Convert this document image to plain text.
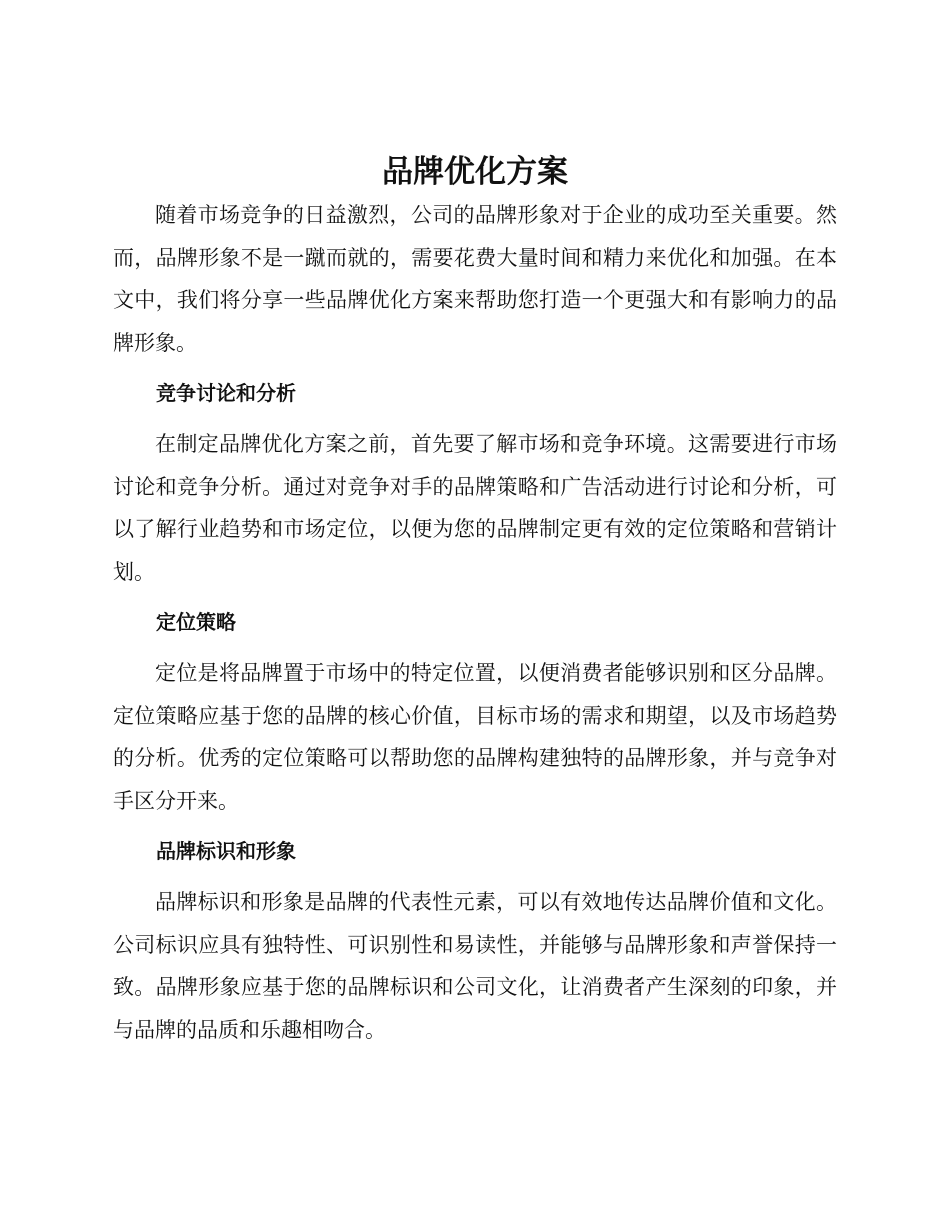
品牌优化方案

随着市场竞争的日益激烈，公司的品牌形象对于企业的成功至关重要。然而，品牌形象不是一蹴而就的，需要花费大量时间和精力来优化和加强。在本文中，我们将分享一些品牌优化方案来帮助您打造一个更强大和有影响力的品牌形象。

竞争讨论和分析

在制定品牌优化方案之前，首先要了解市场和竞争环境。这需要进行市场讨论和竞争分析。通过对竞争对手的品牌策略和广告活动进行讨论和分析，可以了解行业趋势和市场定位，以便为您的品牌制定更有效的定位策略和营销计划。

定位策略

定位是将品牌置于市场中的特定位置，以便消费者能够识别和区分品牌。定位策略应基于您的品牌的核心价值，目标市场的需求和期望，以及市场趋势的分析。优秀的定位策略可以帮助您的品牌构建独特的品牌形象，并与竞争对手区分开来。

品牌标识和形象

品牌标识和形象是品牌的代表性元素，可以有效地传达品牌价值和文化。公司标识应具有独特性、可识别性和易读性，并能够与品牌形象和声誉保持一致。品牌形象应基于您的品牌标识和公司文化，让消费者产生深刻的印象，并与品牌的品质和乐趣相吻合。
